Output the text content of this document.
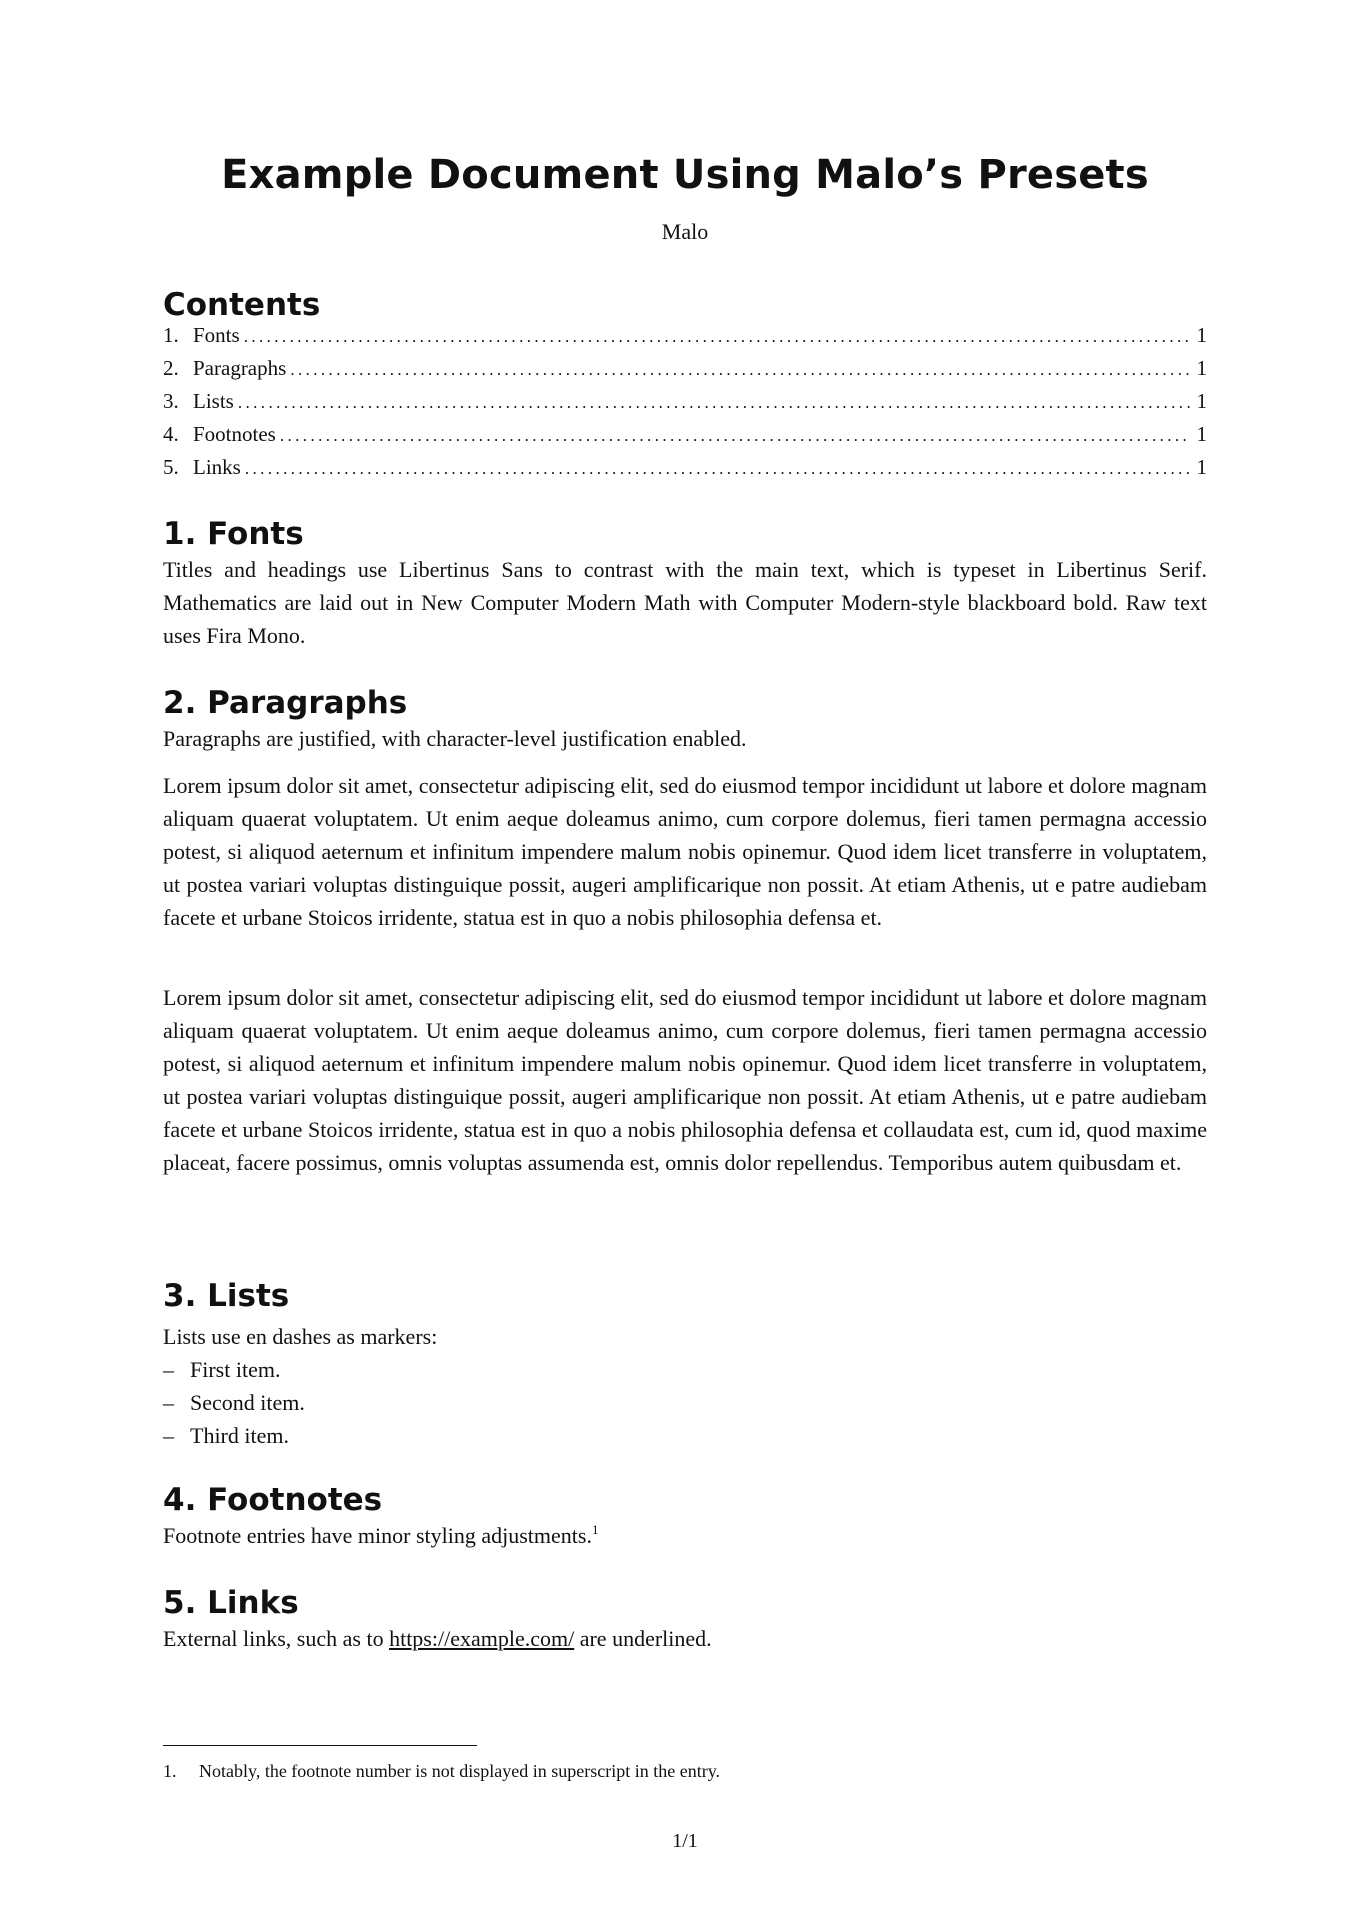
Example Document Using Malo’s Presets
Malo
Contents
1. Fonts .....	1
2. Paragraphs .....	1
3. Lists .....	1
4. Footnotes .....	1
5. Links .....	1
1. Fonts

Titles and headings use Libertinus Sans to contrast with the main text, which is typeset in Libertinus Serif. Mathematics are laid out in New Computer Modern Math with Computer Modern-style blackboard bold. Raw text uses Fira Mono.

2. Paragraphs

Paragraphs are justified, with character-level justification enabled.

Lorem ipsum dolor sit amet, consectetur adipiscing elit, sed do eiusmod tempor incididunt ut labore et dolore magnam aliquam quaerat voluptatem. Ut enim aeque doleamus animo, cum corpore dolemus, fieri tamen permagna accessio potest, si aliquod aeternum et infinitum impendere malum nobis opinemur. Quod idem licet transferre in voluptatem, ut postea variari voluptas distinguique possit, augeri amplificarique non possit. At etiam Athenis, ut e patre audiebam facete et urbane Stoicos irridente, statua est in quo a nobis philosophia defensa et.

Lorem ipsum dolor sit amet, consectetur adipiscing elit, sed do eiusmod tempor incididunt ut labore et dolore magnam aliquam quaerat voluptatem. Ut enim aeque doleamus animo, cum corpore dolemus, fieri tamen permagna accessio potest, si aliquod aeternum et infinitum impendere malum nobis opinemur. Quod idem licet transferre in voluptatem, ut postea variari voluptas distinguique possit, augeri amplificarique non possit. At etiam Athenis, ut e patre audiebam facete et urbane Stoicos irridente, statua est in quo a nobis philosophia defensa et collaudata est, cum id, quod maxime placeat, facere possimus, omnis voluptas assumenda est, omnis dolor repellendus. Temporibus autem quibusdam et.

3. Lists

Lists use en dashes as markers:

– First item.
– Second item.
– Third item.
4. Footnotes

Footnote entries have minor styling adjustments.$^1$

5. Links

External links, such as to https://example.com/ are underlined.

1.	Notably, the footnote number is not displayed in superscript in the entry.
1/1
